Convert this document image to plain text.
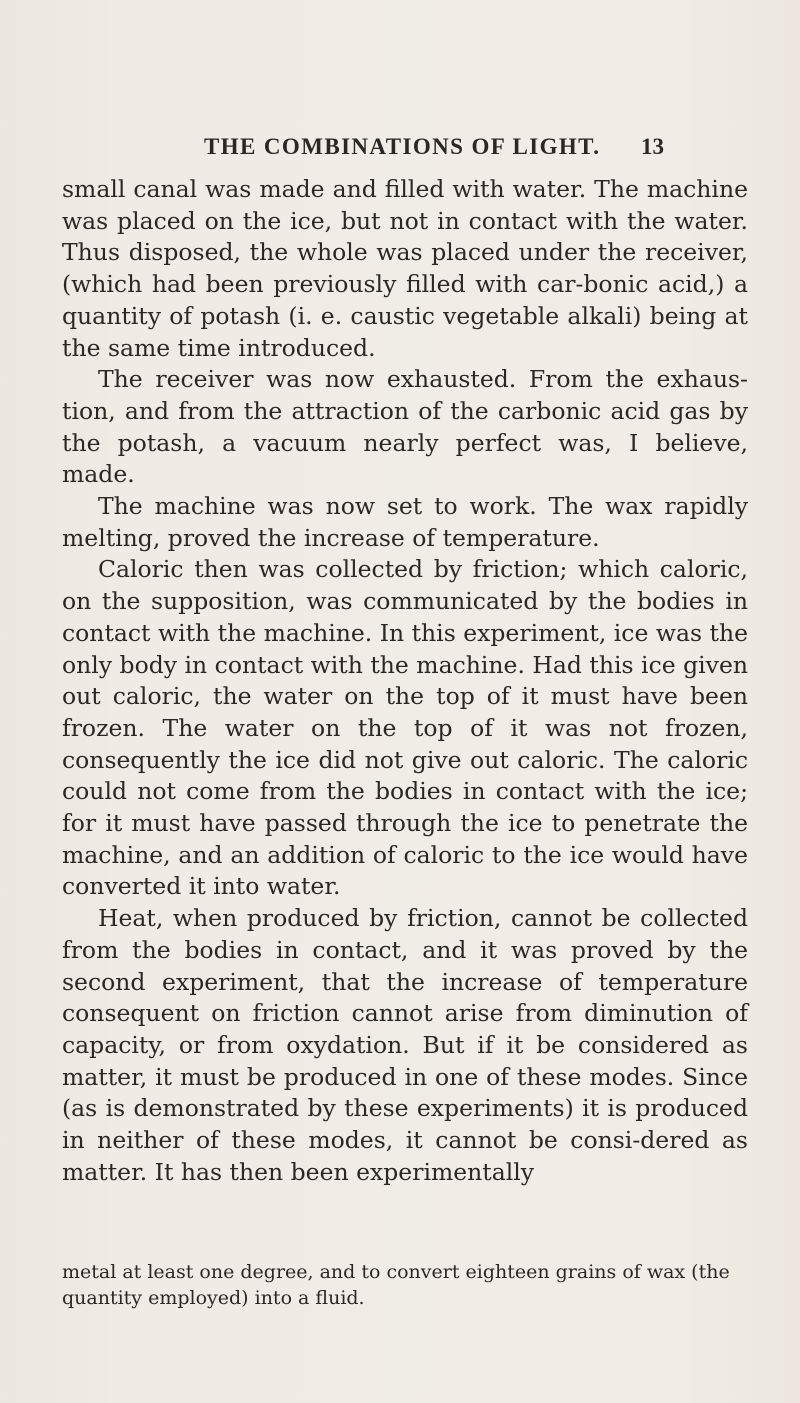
THE COMBINATIONS OF LIGHT. 13

small canal was made and filled with water. The machine was placed on the ice, but not in contact with the water. Thus disposed, the whole was placed under the receiver, (which had been previously filled with car-bonic acid,) a quantity of potash (i. e. caustic vegetable alkali) being at the same time introduced.

The receiver was now exhausted. From the exhaus-tion, and from the attraction of the carbonic acid gas by the potash, a vacuum nearly perfect was, I believe, made.

The machine was now set to work. The wax rapidly melting, proved the increase of temperature.

Caloric then was collected by friction; which caloric, on the supposition, was communicated by the bodies in contact with the machine. In this experiment, ice was the only body in contact with the machine. Had this ice given out caloric, the water on the top of it must have been frozen. The water on the top of it was not frozen, consequently the ice did not give out caloric. The caloric could not come from the bodies in contact with the ice; for it must have passed through the ice to penetrate the machine, and an addition of caloric to the ice would have converted it into water.

Heat, when produced by friction, cannot be collected from the bodies in contact, and it was proved by the second experiment, that the increase of temperature consequent on friction cannot arise from diminution of capacity, or from oxydation. But if it be considered as matter, it must be produced in one of these modes. Since (as is demonstrated by these experiments) it is produced in neither of these modes, it cannot be consi-dered as matter. It has then been experimentally

metal at least one degree, and to convert eighteen grains of wax (the quantity employed) into a fluid.
